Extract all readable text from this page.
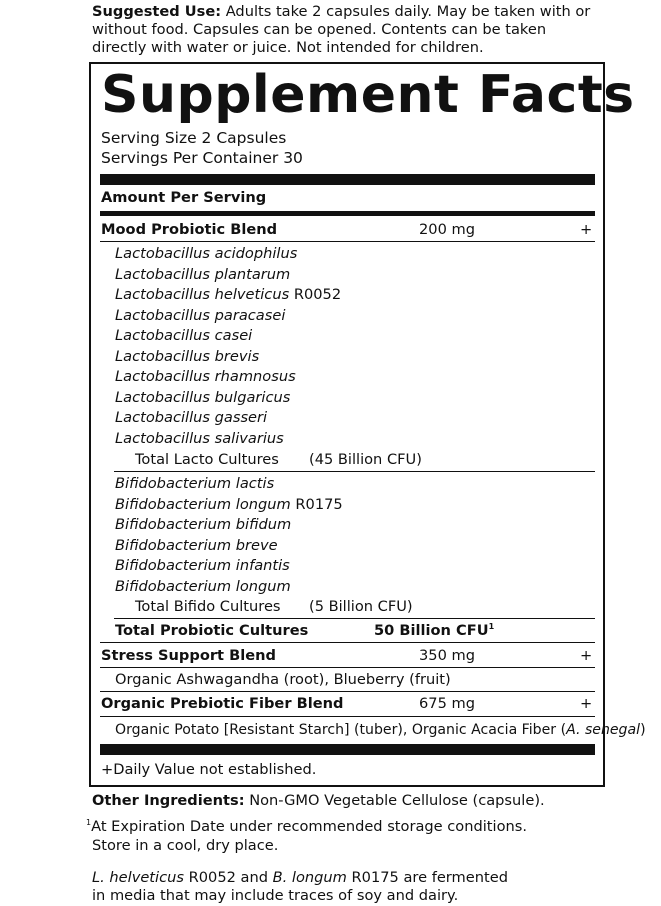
Suggested Use: Adults take 2 capsules daily. May be taken with or
without food. Capsules can be opened. Contents can be taken
directly with water or juice. Not intended for children.
Supplement Facts
Serving Size 2 Capsules
Servings Per Container 30
Amount Per Serving
Mood Probiotic Blend	200 mg	+
Lactobacillus acidophilus
Lactobacillus plantarum
Lactobacillus helveticus R0052
Lactobacillus paracasei
Lactobacillus casei
Lactobacillus brevis
Lactobacillus rhamnosus
Lactobacillus bulgaricus
Lactobacillus gasseri
Lactobacillus salivarius
Total Lacto Cultures (45 Billion CFU)
Bifidobacterium lactis
Bifidobacterium longum R0175
Bifidobacterium bifidum
Bifidobacterium breve
Bifidobacterium infantis
Bifidobacterium longum
Total Bifido Cultures (5 Billion CFU)
Total Probiotic Cultures	50 Billion CFU$^1$
Stress Support Blend	350 mg	+
Organic Ashwagandha (root), Blueberry (fruit)
Organic Prebiotic Fiber Blend	675 mg	+
Organic Potato [Resistant Starch] (tuber), Organic Acacia Fiber (A. senegal)
+Daily Value not established.
Other Ingredients: Non-GMO Vegetable Cellulose (capsule).
$^1$At Expiration Date under recommended storage conditions.
Store in a cool, dry place.
L. helveticus R0052 and B. longum R0175 are fermented
in media that may include traces of soy and dairy.
